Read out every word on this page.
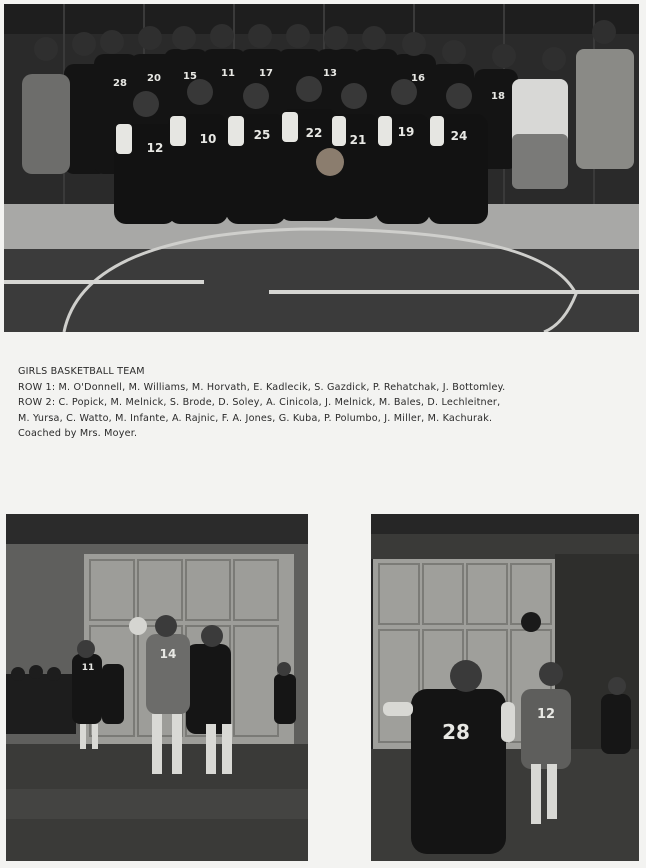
12
10	25	22 21
19	24
28 20 15 11 17	13	16
18
GIRLS BASKETBALL TEAM
ROW 1: M. O'Donnell, M. Williams, M. Horvath, E. Kadlecik, S. Gazdick, P. Rehatchak, J. Bottomley.
ROW 2: C. Popick, M. Melnick, S. Brode, D. Soley, A. Cinicola, J. Melnick, M. Bales, D. Lechleitner,
M. Yursa, C. Watto, M. Infante, A. Rajnic, F. A. Jones, G. Kuba, P. Polumbo, J. Miller, M. Kachurak.
Coached by Mrs. Moyer.
14
11
28
12
